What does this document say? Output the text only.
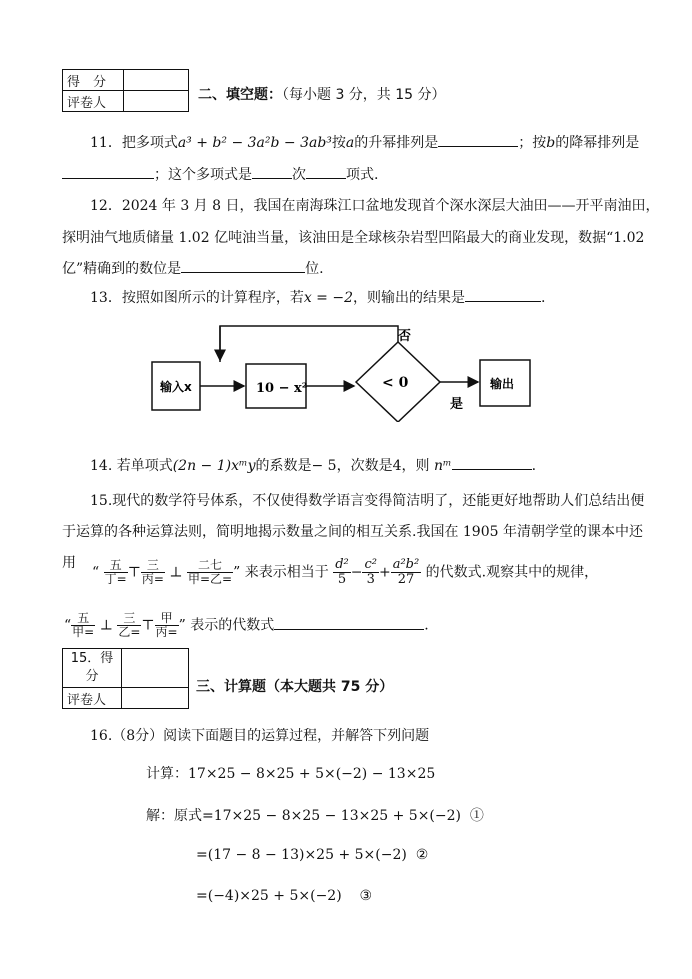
得　分	
评卷人		二、填空题：（每小题 3 分，共 15 分）
11．把多项式a³ + b² − 3a²b − 3ab³按a的升幂排列是	；按b的降幂排列是
；这个多项式是	次	项式.
12．2024 年 3 月 8 日，我国在南海珠江口盆地发现首个深水深层大油田——开平南油田，
探明油气地质储量 1.02 亿吨油当量，该油田是全球核杂岩型凹陷最大的商业发现，数据“1.02
亿”精确到的数位是	位.
13．按照如图所示的计算程序，若x = −2，则输出的结果是	.
输入x	10 − x²	< 0	输出
否
是
14. 若单项式(2n − 1)xᵐy的系数是− 5，次数是4，则 nᵐ	.
15.现代的数学符号体系，不仅使得数学语言变得简洁明了，还能更好地帮助人们总结出便
于运算的各种运算法则，简明地揭示数量之间的相互关系.我国在 1905 年清朝学堂的课本中还
用
“ 五
丁= ⊤ 三
丙= ⊥	二七
甲=乙= ” 来表示相当于 $\frac{\text{d²}}{5} - \frac{\text{c²}}{3} + \frac{\text{a²b²}}{27}$ 的代数式.观察其中的规律，
“ 五
甲= ⊥ 三
乙= ⊤ 甲
丙= ” 表示的代数式	.
15．得
分	
评卷人	
三、计算题（本大题共 75 分）
16.（8分）阅读下面题目的运算过程，并解答下列问题
计算：17×25 − 8×25 + 5×(−2) − 13×25
解：原式=17×25 − 8×25 − 13×25 + 5×(−2) ①
=(17 − 8 − 13)×25 + 5×(−2) ②
=(−4)×25 + 5×(−2) ③
